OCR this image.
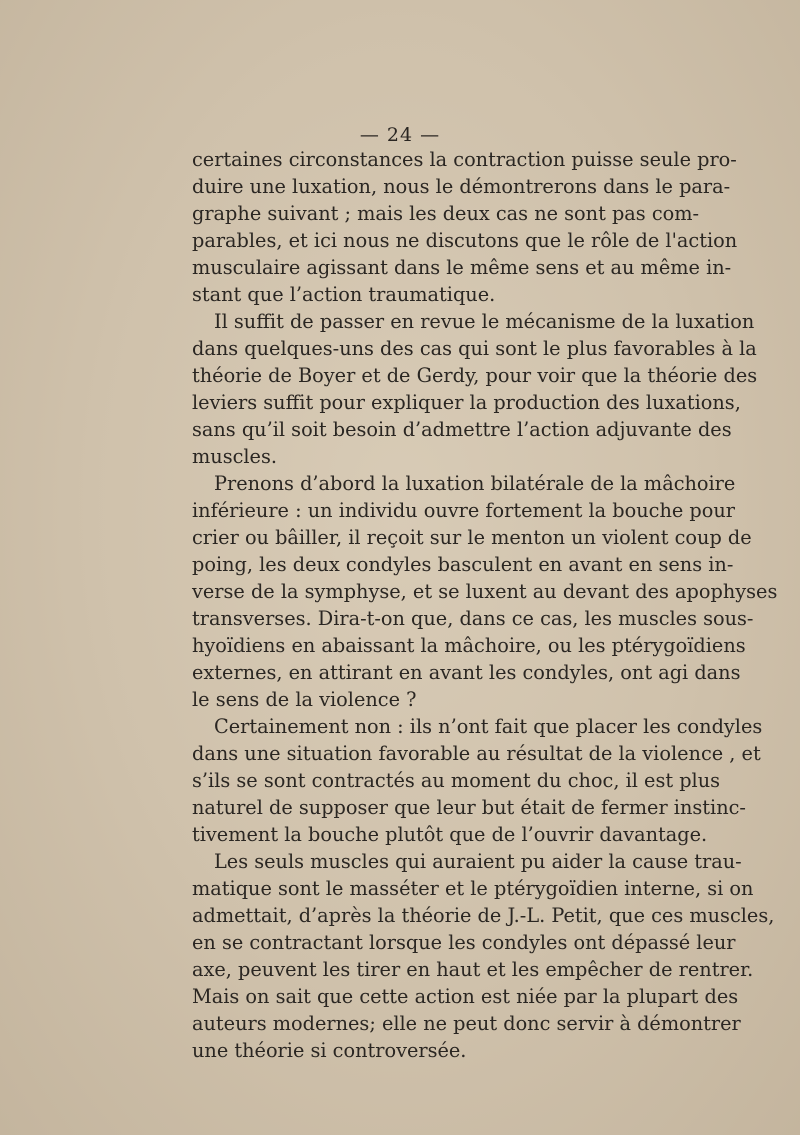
— 24 —
certaines circonstances la contraction puisse seule pro-
duire une luxation, nous le démontrerons dans le para-
graphe suivant ; mais les deux cas ne sont pas com-
parables, et ici nous ne discutons que le rôle de l'action
musculaire agissant dans le même sens et au même in-
stant que l’action traumatique.
Il suffit de passer en revue le mécanisme de la luxation
dans quelques-uns des cas qui sont le plus favorables à la
théorie de Boyer et de Gerdy, pour voir que la théorie des
leviers suffit pour expliquer la production des luxations,
sans qu’il soit besoin d’admettre l’action adjuvante des
muscles.
Prenons d’abord la luxation bilatérale de la mâchoire
inférieure : un individu ouvre fortement la bouche pour
crier ou bâiller, il reçoit sur le menton un violent coup de
poing, les deux condyles basculent en avant en sens in-
verse de la symphyse, et se luxent au devant des apophyses
transverses. Dira-t-on que, dans ce cas, les muscles sous-
hyoïdiens en abaissant la mâchoire, ou les ptérygoïdiens
externes, en attirant en avant les condyles, ont agi dans
le sens de la violence ?
Certainement non : ils n’ont fait que placer les condyles
dans une situation favorable au résultat de la violence , et
s’ils se sont contractés au moment du choc, il est plus
naturel de supposer que leur but était de fermer instinc-
tivement la bouche plutôt que de l’ouvrir davantage.
Les seuls muscles qui auraient pu aider la cause trau-
matique sont le masséter et le ptérygoïdien interne, si on
admettait, d’après la théorie de J.-L. Petit, que ces muscles,
en se contractant lorsque les condyles ont dépassé leur
axe, peuvent les tirer en haut et les empêcher de rentrer.
Mais on sait que cette action est niée par la plupart des
auteurs modernes; elle ne peut donc servir à démontrer
une théorie si controversée.
